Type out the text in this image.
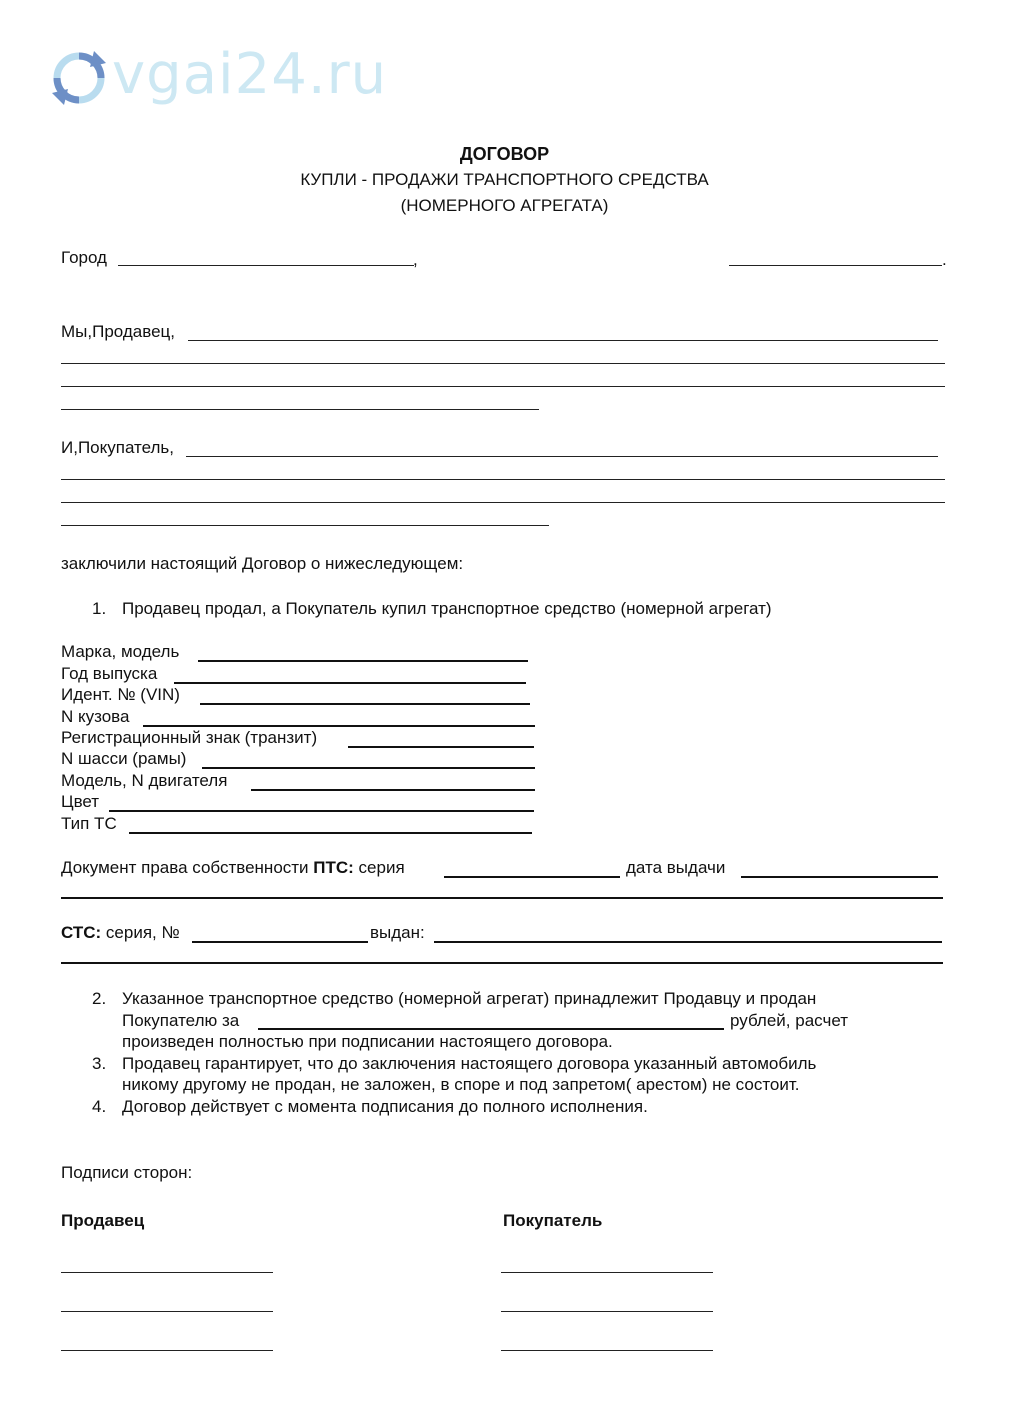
vgai24.ru
ДОГОВОР
КУПЛИ - ПРОДАЖИ ТРАНСПОРТНОГО СРЕДСТВА
(НОМЕРНОГО АГРЕГАТА)
Город	,	.
Мы,Продавец,
И,Покупатель,
заключили настоящий Договор о нижеследующем:
1. Продавец продал, а Покупатель купил транспортное средство (номерной агрегат)
Марка, модель
Год выпуска
Идент. № (VIN)
N кузова
Регистрационный знак (транзит)
N шасси (рамы)
Модель, N двигателя
Цвет
Тип ТС
Документ права собственности ПТС: серия	дата выдачи
СТС: серия, №	выдан:
2. Указанное транспортное средство (номерной агрегат) принадлежит Продавцу и продан
Покупателю за	рублей, расчет
произведен полностью при подписании настоящего договора.
3. Продавец гарантирует, что до заключения настоящего договора указанный автомобиль
никому другому не продан, не заложен, в споре и под запретом( арестом) не состоит.
4. Договор действует с момента подписания до полного исполнения.
Подписи сторон:
Продавец	Покупатель
